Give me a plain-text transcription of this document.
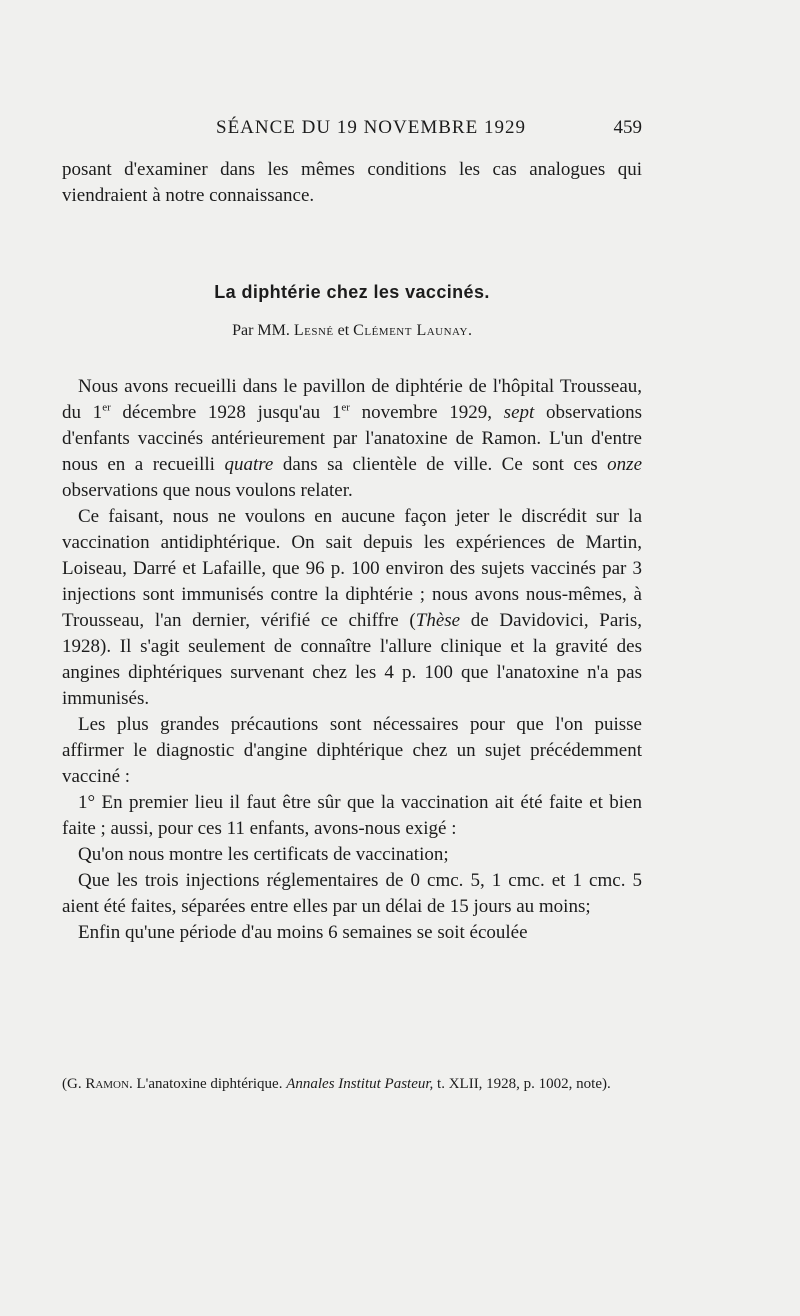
SÉANCE DU 19 NOVEMBRE 1929	459

posant d'examiner dans les mêmes conditions les cas analogues qui viendraient à notre connaissance.

La diphtérie chez les vaccinés.

Par MM. Lesné et Clément Launay.

Nous avons recueilli dans le pavillon de diphtérie de l'hôpital Trousseau, du 1er décembre 1928 jusqu'au 1er novembre 1929, sept observations d'enfants vaccinés antérieurement par l'anatoxine de Ramon. L'un d'entre nous en a recueilli quatre dans sa clientèle de ville. Ce sont ces onze observations que nous voulons relater.

Ce faisant, nous ne voulons en aucune façon jeter le discrédit sur la vaccination antidiphtérique. On sait depuis les expériences de Martin, Loiseau, Darré et Lafaille, que 96 p. 100 environ des sujets vaccinés par 3 injections sont immunisés contre la diphtérie ; nous avons nous-mêmes, à Trousseau, l'an dernier, vérifié ce chiffre (Thèse de Davidovici, Paris, 1928). Il s'agit seulement de connaître l'allure clinique et la gravité des angines diphtériques survenant chez les 4 p. 100 que l'anatoxine n'a pas immunisés.

Les plus grandes précautions sont nécessaires pour que l'on puisse affirmer le diagnostic d'angine diphtérique chez un sujet précédemment vacciné :

1° En premier lieu il faut être sûr que la vaccination ait été faite et bien faite ; aussi, pour ces 11 enfants, avons-nous exigé :

Qu'on nous montre les certificats de vaccination;

Que les trois injections réglementaires de 0 cmc. 5, 1 cmc. et 1 cmc. 5 aient été faites, séparées entre elles par un délai de 15 jours au moins;

Enfin qu'une période d'au moins 6 semaines se soit écoulée

(G. Ramon. L'anatoxine diphtérique. Annales Institut Pasteur, t. XLII, 1928, p. 1002, note).
